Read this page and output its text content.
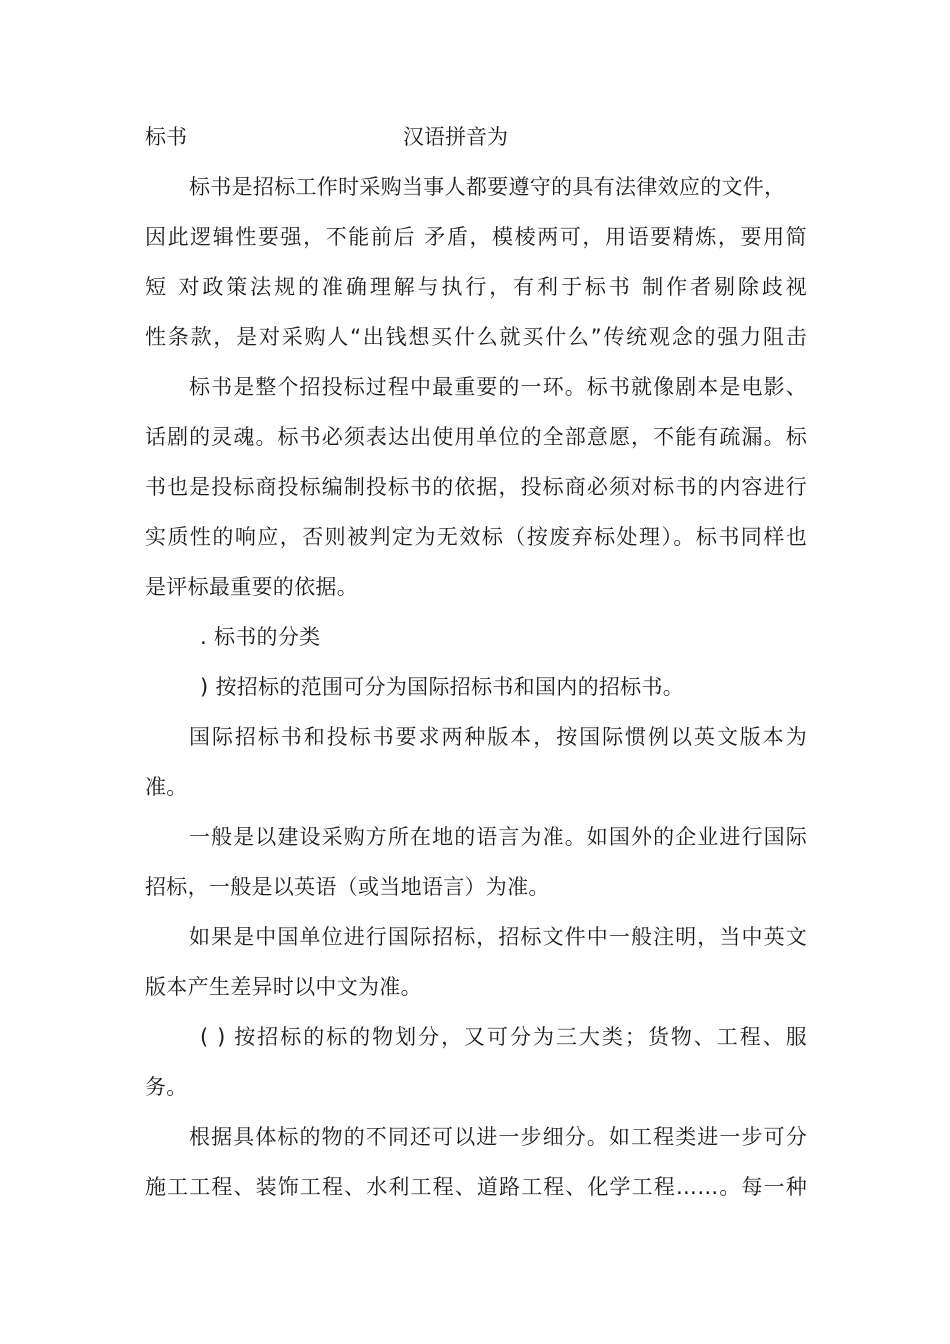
标书	汉语拼音为
标书是招标工作时采购当事人都要遵守的具有法律效应的文件，
因此逻辑性要强，不能前后 矛盾，模棱两可，用语要精炼，要用简
短 对政策法规的准确理解与执行，有利于标书 制作者剔除歧视
性条款，是对采购人“出钱想买什么就买什么”传统观念的强力阻击
标书是整个招投标过程中最重要的一环。标书就像剧本是电影、
话剧的灵魂。标书必须表达出使用单位的全部意愿，不能有疏漏。标
书也是投标商投标编制投标书的依据，投标商必须对标书的内容进行
实质性的响应，否则被判定为无效标（按废弃标处理）。标书同样也
是评标最重要的依据。
. 标书的分类
) 按招标的范围可分为国际招标书和国内的招标书。
国际招标书和投标书要求两种版本，按国际惯例以英文版本为
准。
一般是以建设采购方所在地的语言为准。如国外的企业进行国际
招标，一般是以英语（或当地语言）为准。
如果是中国单位进行国际招标，招标文件中一般注明，当中英文
版本产生差异时以中文为准。
( ) 按招标的标的物划分，又可分为三大类；货物、工程、服
务。
根据具体标的物的不同还可以进一步细分。如工程类进一步可分
施工工程、装饰工程、水利工程、道路工程、化学工程……。每一种
